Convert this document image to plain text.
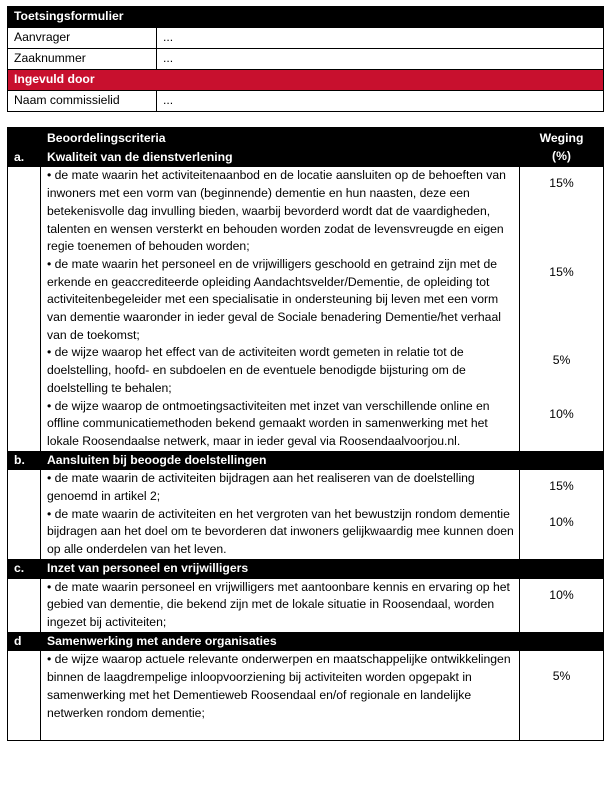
Toetsingsformulier	
Aanvrager	...
Zaaknummer	...
Ingevuld door	
Naam commissielid	...
	Beoordelingscriteria	Weging
(%)

a.	Kwaliteit van de dienstverlening	
	• de mate waarin het activiteitenaanbod en de locatie aansluiten op de behoeften van inwoners met een vorm van (beginnende) dementie en hun naasten, deze een betekenisvolle dag invulling bieden, waarbij bevorderd wordt dat de vaardigheden, talenten en wensen versterkt en behouden worden zodat de levensvreugde en eigen regie toenemen of behouden worden;	15%
	• de mate waarin het personeel en de vrijwilligers geschoold en getraind zijn met de erkende en geaccrediteerde opleiding Aandachtsvelder/Dementie, de opleiding tot activiteitenbegeleider met een specialisatie in ondersteuning bij leven met een vorm van dementie waaronder in ieder geval de Sociale benadering Dementie/het verhaal van de toekomst;	15%
	• de wijze waarop het effect van de activiteiten wordt gemeten in relatie tot de doelstelling, hoofd- en subdoelen en de eventuele benodigde bijsturing om de doelstelling te behalen;	5%
	• de wijze waarop de ontmoetingsactiviteiten met inzet van verschillende online en offline communicatiemethoden bekend gemaakt worden in samenwerking met het lokale Roosendaalse netwerk, maar in ieder geval via Roosendaalvoorjou.nl.	10%
b.	Aansluiten bij beoogde doelstellingen	
	• de mate waarin de activiteiten bijdragen aan het realiseren van de doelstelling genoemd in artikel 2;	15%
	• de mate waarin de activiteiten en het vergroten van het bewustzijn rondom dementie bijdragen aan het doel om te bevorderen dat inwoners gelijkwaardig mee kunnen doen op alle onderdelen van het leven.	10%
c.	Inzet van personeel en vrijwilligers	
	• de mate waarin personeel en vrijwilligers met aantoonbare kennis en ervaring op het gebied van dementie, die bekend zijn met de lokale situatie in Roosendaal, worden ingezet bij activiteiten;	10%
d	Samenwerking met andere organisaties	
	• de wijze waarop actuele relevante onderwerpen en maatschappelijke ontwikkelingen binnen de laagdrempelige inloopvoorziening bij activiteiten worden opgepakt in samenwerking met het Dementieweb Roosendaal en/of regionale en landelijke netwerken rondom dementie;	5%
